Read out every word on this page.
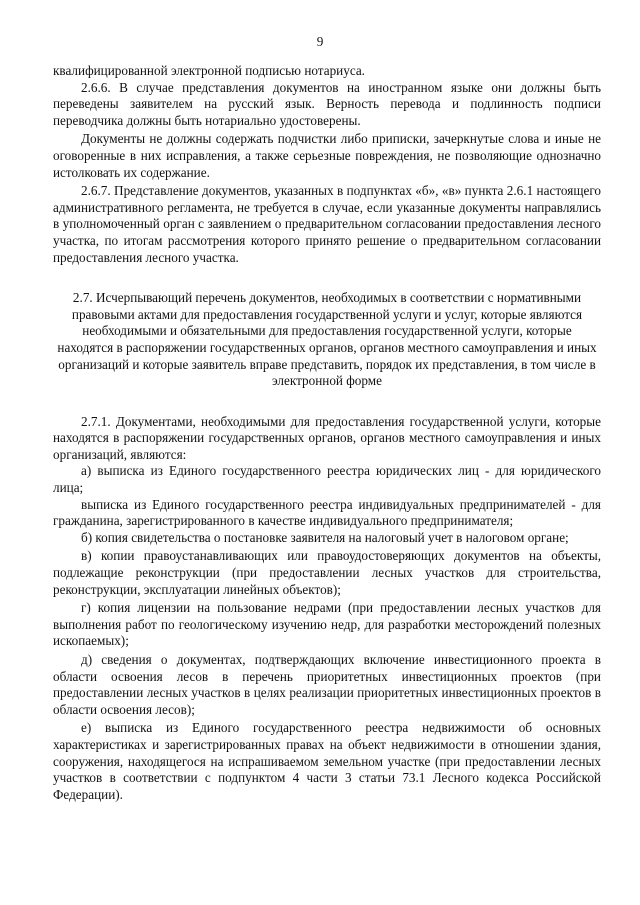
9

квалифицированной электронной подписью нотариуса.

2.6.6. В случае представления документов на иностранном языке они должны быть переведены заявителем на русский язык. Верность перевода и подлинность подписи переводчика должны быть нотариально удостоверены.

Документы не должны содержать подчистки либо приписки, зачеркнутые слова и иные не оговоренные в них исправления, а также серьезные повреждения, не позволяющие однозначно истолковать их содержание.

2.6.7. Представление документов, указанных в подпунктах «б», «в» пункта 2.6.1 настоящего административного регламента, не требуется в случае, если указанные документы направлялись в уполномоченный орган с заявлением о предварительном согласовании предоставления лесного участка, по итогам рассмотрения которого принято решение о предварительном согласовании предоставления лесного участка.

2.7. Исчерпывающий перечень документов, необходимых в соответствии с нормативными правовыми актами для предоставления государственной услуги и услуг, которые являются необходимыми и обязательными для предоставления государственной услуги, которые находятся в распоряжении государственных органов, органов местного самоуправления и иных организаций и которые заявитель вправе представить, порядок их представления, в том числе в электронной форме

2.7.1. Документами, необходимыми для предоставления государственной услуги, которые находятся в распоряжении государственных органов, органов местного самоуправления и иных организаций, являются:

а) выписка из Единого государственного реестра юридических лиц - для юридического лица;

выписка из Единого государственного реестра индивидуальных предпринимателей - для гражданина, зарегистрированного в качестве индивидуального предпринимателя;

б) копия свидетельства о постановке заявителя на налоговый учет в налоговом органе;

в) копии правоустанавливающих или правоудостоверяющих документов на объекты, подлежащие реконструкции (при предоставлении лесных участков для строительства, реконструкции, эксплуатации линейных объектов);

г) копия лицензии на пользование недрами (при предоставлении лесных участков для выполнения работ по геологическому изучению недр, для разработки месторождений полезных ископаемых);

д) сведения о документах, подтверждающих включение инвестиционного проекта в области освоения лесов в перечень приоритетных инвестиционных проектов (при предоставлении лесных участков в целях реализации приоритетных инвестиционных проектов в области освоения лесов);

е) выписка из Единого государственного реестра недвижимости об основных характеристиках и зарегистрированных правах на объект недвижимости в отношении здания, сооружения, находящегося на испрашиваемом земельном участке (при предоставлении лесных участков в соответствии с подпунктом 4 части 3 статьи 73.1 Лесного кодекса Российской Федерации).
